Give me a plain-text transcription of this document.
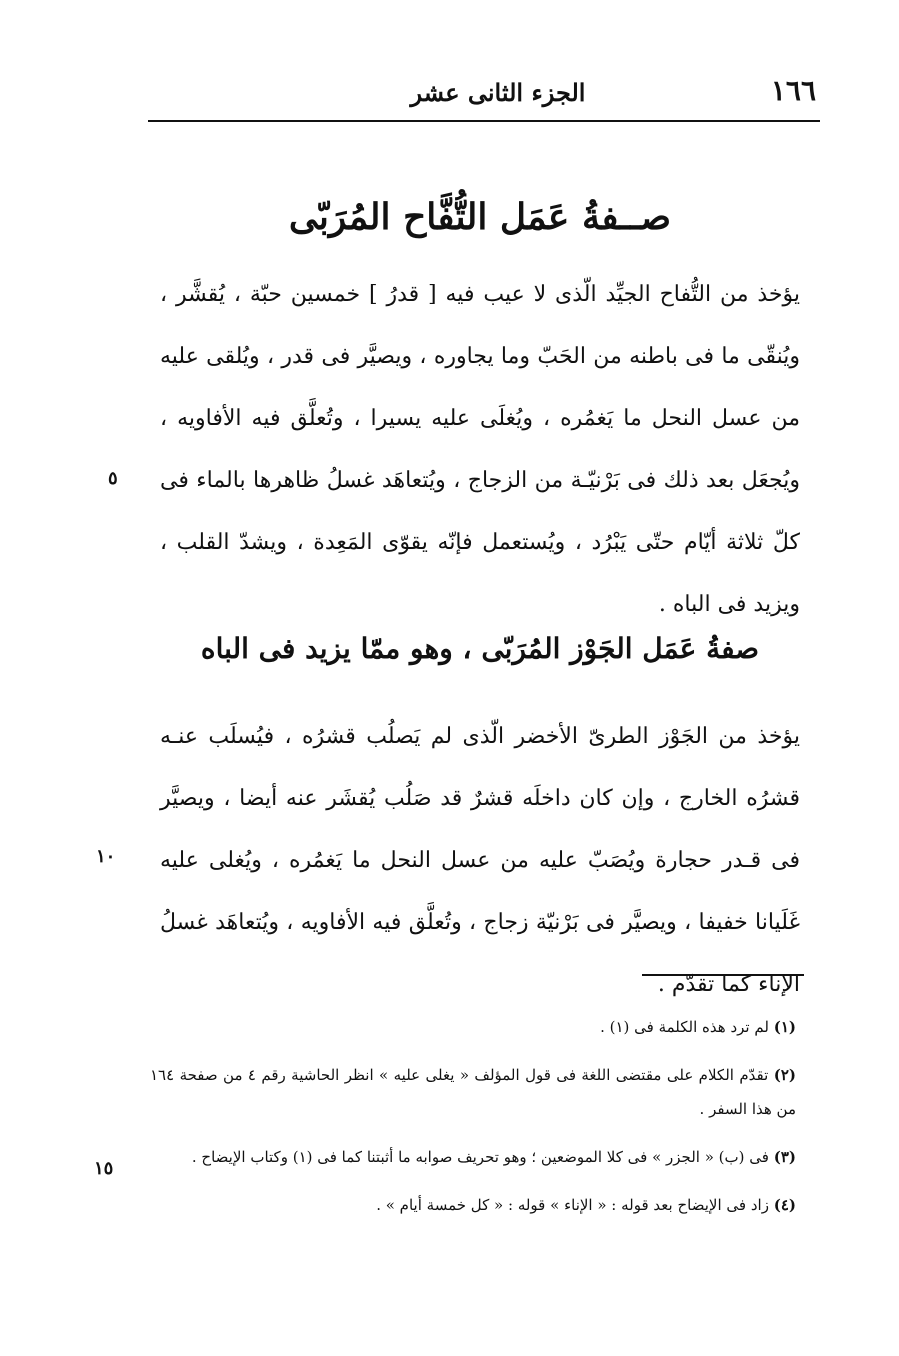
١٦٦
الجزء الثانى عشر
صــفةُ عَمَل التُّفَّاح المُرَبّى

يؤخذ من التُّفاح الجيِّد الّذى لا عيب فيه [ قدرُ ] خمسين حبّة ، يُقشَّر ، ويُنقّى ما فى باطنه من الحَبّ وما يجاوره ، ويصيَّر فى قدر ، ويُلقى عليه من عسل النحل ما يَغمُره ، ويُغلَى عليه يسيرا ، وتُعلَّق فيه الأفاويه ، ويُجعَل بعد ذلك فى بَرْنيّـة من الزجاج ، ويُتعاهَد غسلُ ظاهرها بالماء فى كلّ ثلاثة أيّام حتّى يَبْرُد ، ويُستعمل فإنّه يقوّى المَعِدة ، ويشدّ القلب ، ويزيد فى الباه .

صفةُ عَمَل الجَوْز المُرَبّى ، وهو ممّا يزيد فى الباه

يؤخذ من الجَوْز الطرىّ الأخضر الّذى لم يَصلُب قشرُه ، فيُسلَب عنـه قشرُه الخارج ، وإن كان داخلَه قشرٌ قد صَلُب يُقشَر عنه أيضا ، ويصيَّر فى قـدر حجارة ويُصَبّ عليه من عسل النحل ما يَغمُره ، ويُغلى عليه غَلَيانا خفيفا ، ويصيَّر فى بَرْنيّة زجاج ، وتُعلَّق فيه الأفاويه ، ويُتعاهَد غسلُ الإناء كما تقدّم .

٥
١٠
١٥

(١) لم ترد هذه الكلمة فى (١) .

(٢) تقدّم الكلام على مقتضى اللغة فى قول المؤلف « يغلى عليه » انظر الحاشية رقم ٤ من صفحة ١٦٤ من هذا السفر .

(٣) فى (ب) « الجزر » فى كلا الموضعين ؛ وهو تحريف صوابه ما أثبتنا كما فى (١) وكتاب الإيضاح .

(٤) زاد فى الإيضاح بعد قوله : « الإناء » قوله : « كل خمسة أيام » .
